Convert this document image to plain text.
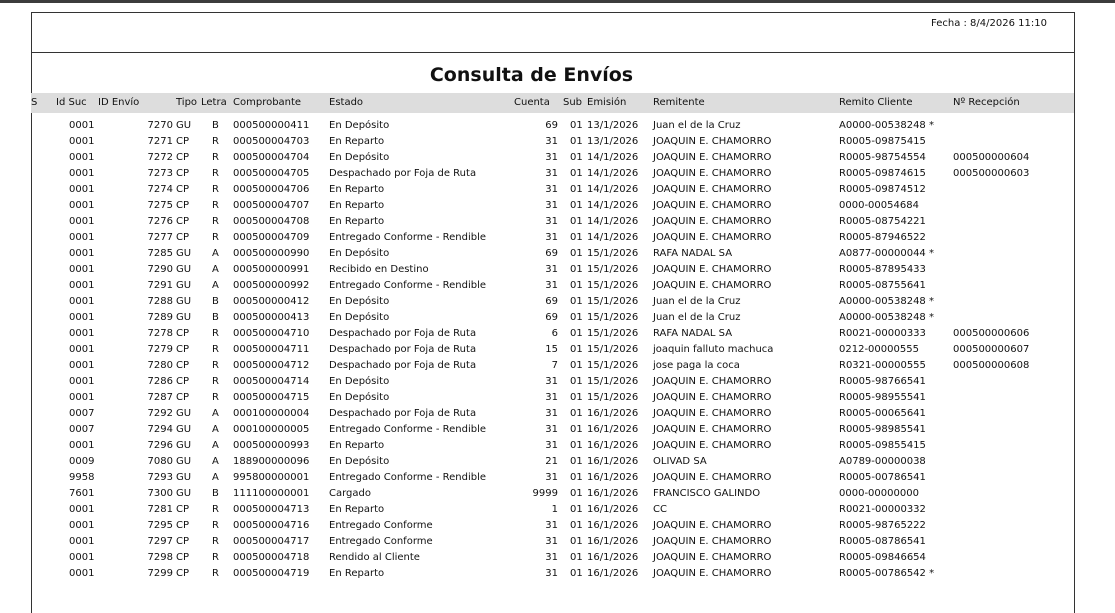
Fecha : 8/4/2026 11:10
Consulta de Envíos
S Id Suc ID Envío	Tipo Letra Comprobante	Estado	Cuenta Sub Emisión	Remitente	Remito Cliente	Nº Recepción
0001	7270 GU B 000500000411 En Depósito	69 01 13/1/2026 Juan el de la Cruz	A0000-00538248 *
0001	7271 CP R 000500004703 En Reparto	31 01 13/1/2026 JOAQUIN E. CHAMORRO	R0005-09875415
0001	7272 CP R 000500004704 En Depósito	31 01 14/1/2026 JOAQUIN E. CHAMORRO	R0005-98754554	000500000604
0001	7273 CP R 000500004705 Despachado por Foja de Ruta	31 01 14/1/2026 JOAQUIN E. CHAMORRO	R0005-09874615	000500000603
0001	7274 CP R 000500004706 En Reparto	31 01 14/1/2026 JOAQUIN E. CHAMORRO	R0005-09874512
0001	7275 CP R 000500004707 En Reparto	31 01 14/1/2026 JOAQUIN E. CHAMORRO	0000-00054684
0001	7276 CP R 000500004708 En Reparto	31 01 14/1/2026 JOAQUIN E. CHAMORRO	R0005-08754221
0001	7277 CP R 000500004709 Entregado Conforme - Rendible	31 01 14/1/2026 JOAQUIN E. CHAMORRO	R0005-87946522
0001	7285 GU A 000500000990 En Depósito	69 01 15/1/2026 RAFA NADAL SA	A0877-00000044 *
0001	7290 GU A 000500000991 Recibido en Destino	31 01 15/1/2026 JOAQUIN E. CHAMORRO	R0005-87895433
0001	7291 GU A 000500000992 Entregado Conforme - Rendible	31 01 15/1/2026 JOAQUIN E. CHAMORRO	R0005-08755641
0001	7288 GU B 000500000412 En Depósito	69 01 15/1/2026 Juan el de la Cruz	A0000-00538248 *
0001	7289 GU B 000500000413 En Depósito	69 01 15/1/2026 Juan el de la Cruz	A0000-00538248 *
0001	7278 CP R 000500004710 Despachado por Foja de Ruta	6 01 15/1/2026 RAFA NADAL SA	R0021-00000333	000500000606
0001	7279 CP R 000500004711 Despachado por Foja de Ruta	15 01 15/1/2026 joaquin falluto machuca	0212-00000555	000500000607
0001	7280 CP R 000500004712 Despachado por Foja de Ruta	7 01 15/1/2026 jose paga la coca	R0321-00000555	000500000608
0001	7286 CP R 000500004714 En Depósito	31 01 15/1/2026 JOAQUIN E. CHAMORRO	R0005-98766541
0001	7287 CP R 000500004715 En Depósito	31 01 15/1/2026 JOAQUIN E. CHAMORRO	R0005-98955541
0007	7292 GU A 000100000004 Despachado por Foja de Ruta	31 01 16/1/2026 JOAQUIN E. CHAMORRO	R0005-00065641
0007	7294 GU A 000100000005 Entregado Conforme - Rendible	31 01 16/1/2026 JOAQUIN E. CHAMORRO	R0005-98985541
0001	7296 GU A 000500000993 En Reparto	31 01 16/1/2026 JOAQUIN E. CHAMORRO	R0005-09855415
0009	7080 GU A 188900000096 En Depósito	21 01 16/1/2026 OLIVAD SA	A0789-00000038
9958	7293 GU A 995800000001 Entregado Conforme - Rendible	31 01 16/1/2026 JOAQUIN E. CHAMORRO	R0005-00786541
7601	7300 GU B 111100000001 Cargado	9999 01 16/1/2026 FRANCISCO GALINDO	0000-00000000
0001	7281 CP R 000500004713 En Reparto	1 01 16/1/2026 CC	R0021-00000332
0001	7295 CP R 000500004716 Entregado Conforme	31 01 16/1/2026 JOAQUIN E. CHAMORRO	R0005-98765222
0001	7297 CP R 000500004717 Entregado Conforme	31 01 16/1/2026 JOAQUIN E. CHAMORRO	R0005-08786541
0001	7298 CP R 000500004718 Rendido al Cliente	31 01 16/1/2026 JOAQUIN E. CHAMORRO	R0005-09846654
0001	7299 CP R 000500004719 En Reparto	31 01 16/1/2026 JOAQUIN E. CHAMORRO	R0005-00786542 *
